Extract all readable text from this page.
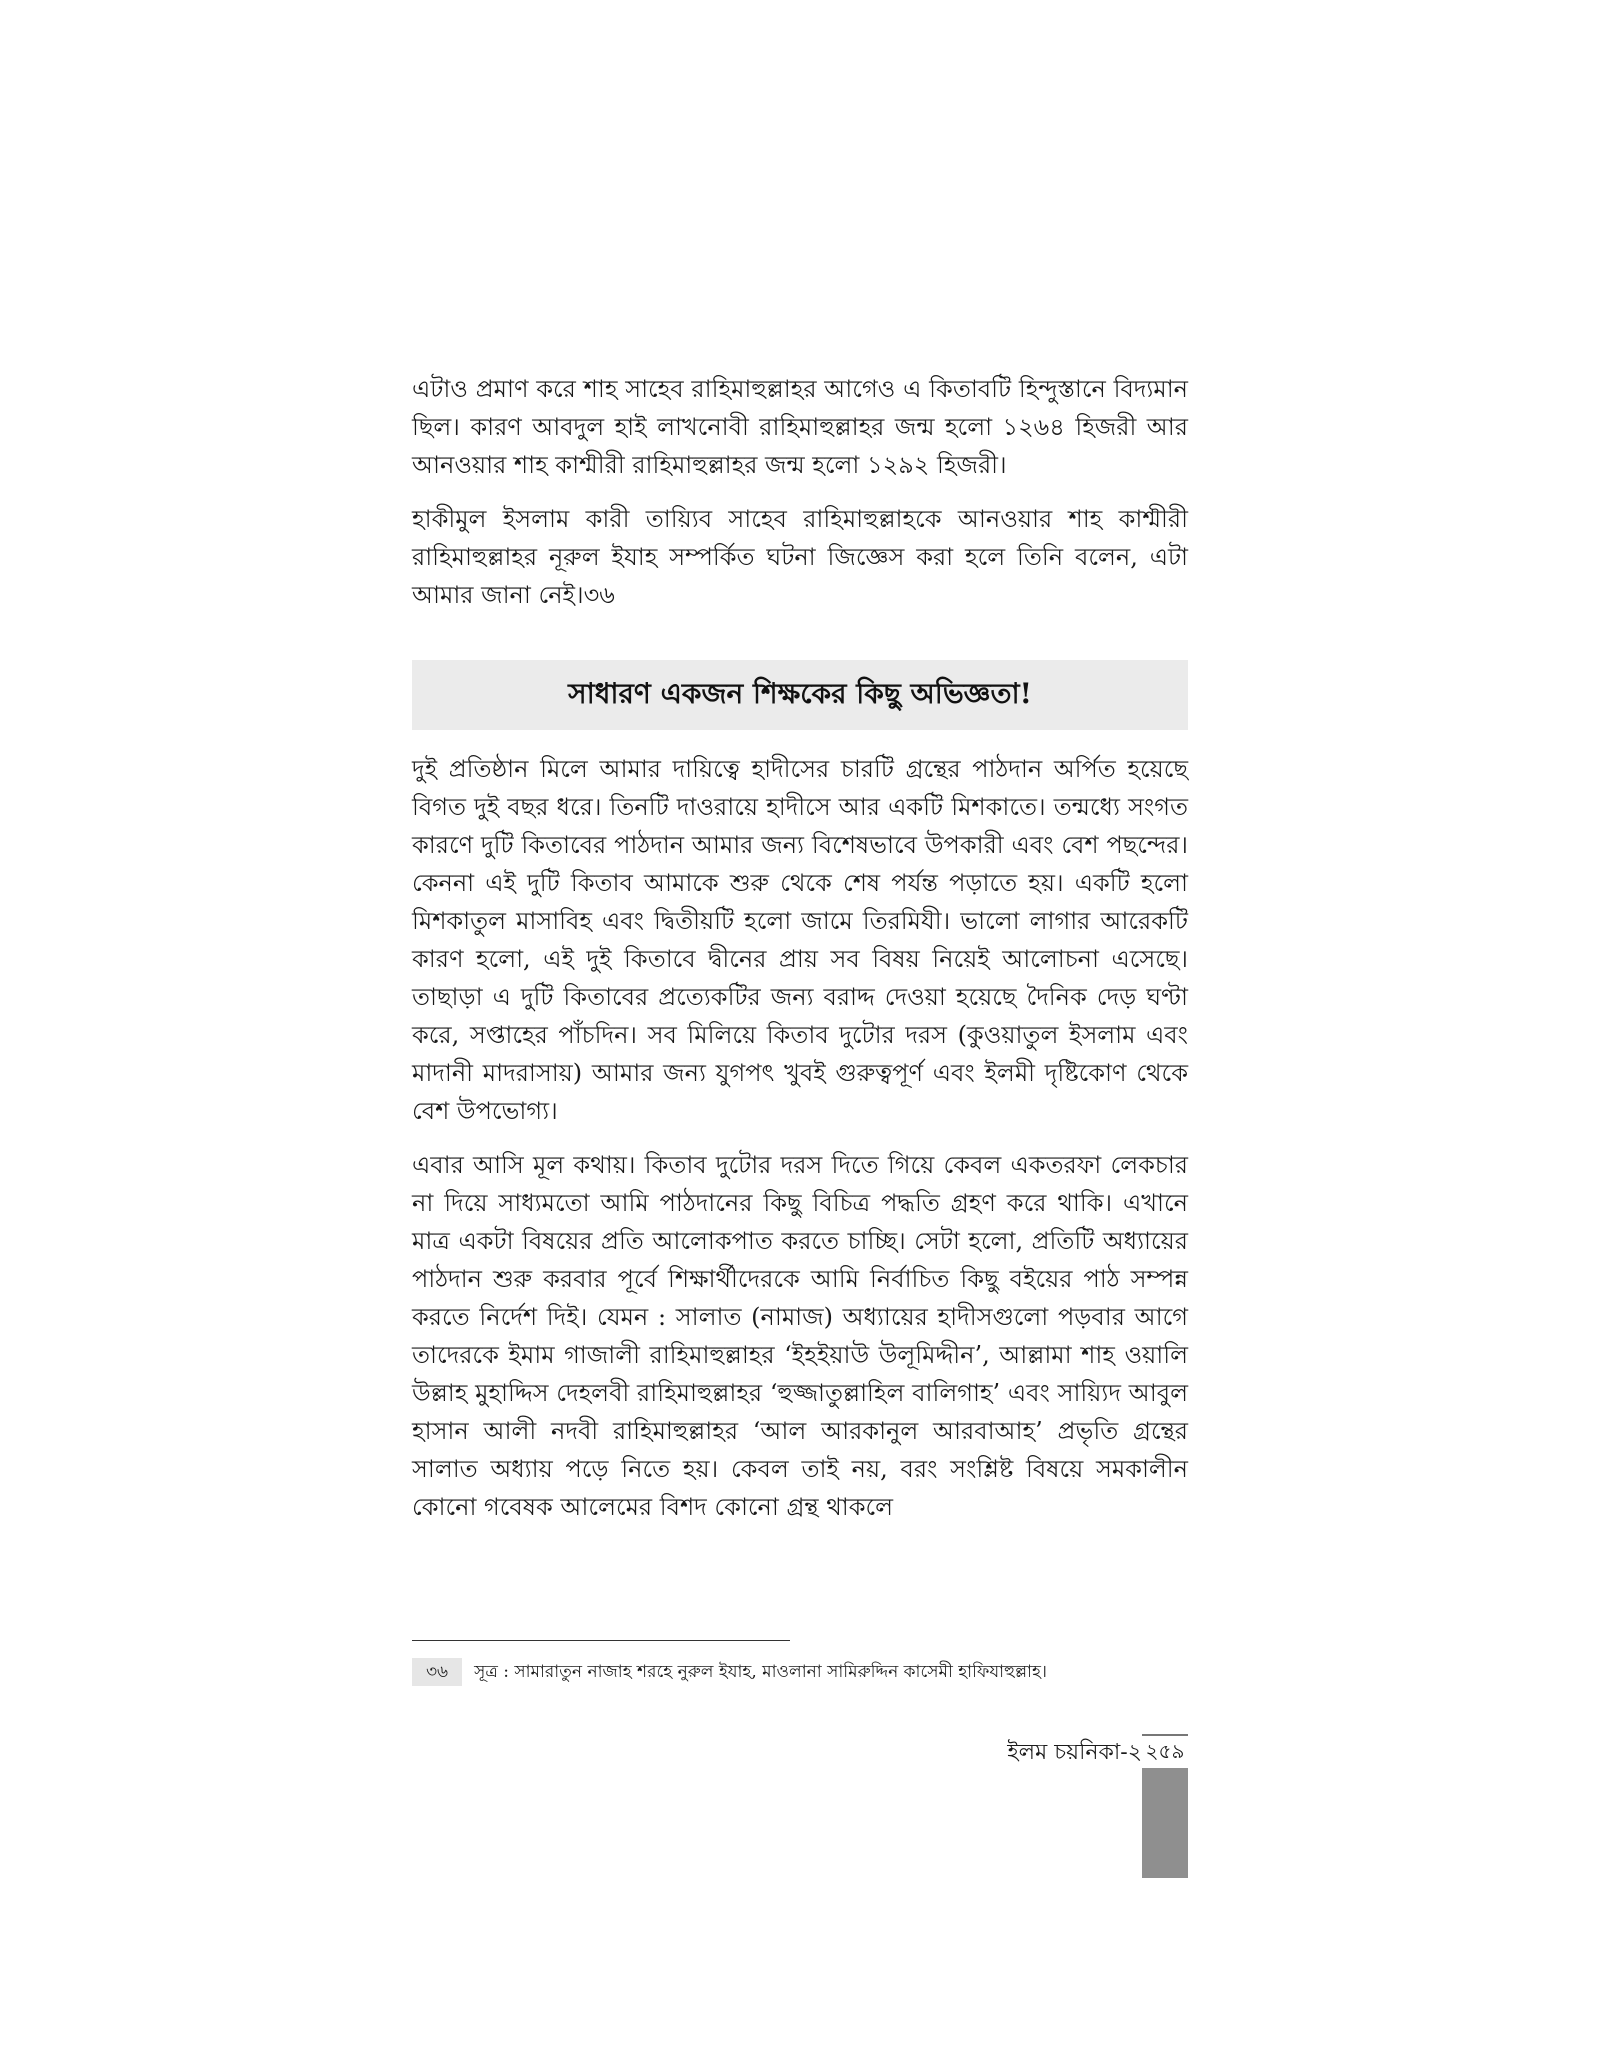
এটাও প্রমাণ করে শাহ সাহেব রাহিমাহুল্লাহর আগেও এ কিতাবটি হিন্দুস্তানে বিদ্যমান ছিল। কারণ আবদুল হাই লাখনোবী রাহিমাহুল্লাহর জন্ম হলো ১২৬৪ হিজরী আর আনওয়ার শাহ কাশ্মীরী রাহিমাহুল্লাহর জন্ম হলো ১২৯২ হিজরী।

হাকীমুল ইসলাম কারী তায়্যিব সাহেব রাহিমাহুল্লাহকে আনওয়ার শাহ কাশ্মীরী রাহিমাহুল্লাহর নূরুল ইযাহ সম্পর্কিত ঘটনা জিজ্ঞেস করা হলে তিনি বলেন, এটা আমার জানা নেই।৩৬

সাধারণ একজন শিক্ষকের কিছু অভিজ্ঞতা!

দুই প্রতিষ্ঠান মিলে আমার দায়িত্বে হাদীসের চারটি গ্রন্থের পাঠদান অর্পিত হয়েছে বিগত দুই বছর ধরে। তিনটি দাওরায়ে হাদীসে আর একটি মিশকাতে। তন্মধ্যে সংগত কারণে দুটি কিতাবের পাঠদান আমার জন্য বিশেষভাবে উপকারী এবং বেশ পছন্দের। কেননা এই দুটি কিতাব আমাকে শুরু থেকে শেষ পর্যন্ত পড়াতে হয়। একটি হলো মিশকাতুল মাসাবিহ এবং দ্বিতীয়টি হলো জামে তিরমিযী। ভালো লাগার আরেকটি কারণ হলো, এই দুই কিতাবে দ্বীনের প্রায় সব বিষয় নিয়েই আলোচনা এসেছে। তাছাড়া এ দুটি কিতাবের প্রত্যেকটির জন্য বরাদ্দ দেওয়া হয়েছে দৈনিক দেড় ঘণ্টা করে, সপ্তাহের পাঁচদিন। সব মিলিয়ে কিতাব দুটোর দরস (কুওয়াতুল ইসলাম এবং মাদানী মাদরাসায়) আমার জন্য যুগপৎ খুবই গুরুত্বপূর্ণ এবং ইলমী দৃষ্টিকোণ থেকে বেশ উপভোগ্য।

এবার আসি মূল কথায়। কিতাব দুটোর দরস দিতে গিয়ে কেবল একতরফা লেকচার না দিয়ে সাধ্যমতো আমি পাঠদানের কিছু বিচিত্র পদ্ধতি গ্রহণ করে থাকি। এখানে মাত্র একটা বিষয়ের প্রতি আলোকপাত করতে চাচ্ছি। সেটা হলো, প্রতিটি অধ্যায়ের পাঠদান শুরু করবার পূর্বে শিক্ষার্থীদেরকে আমি নির্বাচিত কিছু বইয়ের পাঠ সম্পন্ন করতে নির্দেশ দিই। যেমন : সালাত (নামাজ) অধ্যায়ের হাদীসগুলো পড়বার আগে তাদেরকে ইমাম গাজালী রাহিমাহুল্লাহর ‘ইহইয়াউ উলূমিদ্দীন’, আল্লামা শাহ ওয়ালি উল্লাহ মুহাদ্দিস দেহলবী রাহিমাহুল্লাহর ‘হুজ্জাতুল্লাহিল বালিগাহ’ এবং সায়্যিদ আবুল হাসান আলী নদবী রাহিমাহুল্লাহর ‘আল আরকানুল আরবাআহ’ প্রভৃতি গ্রন্থের সালাত অধ্যায় পড়ে নিতে হয়। কেবল তাই নয়, বরং সংশ্লিষ্ট বিষয়ে সমকালীন কোনো গবেষক আলেমের বিশদ কোনো গ্রন্থ থাকলে

৩৬	সূত্র : সামারাতুন নাজাহ শরহে নুরুল ইযাহ, মাওলানা সামিরুদ্দিন কাসেমী হাফিযাহুল্লাহ।
ইলম চয়নিকা-২ ২৫৯
